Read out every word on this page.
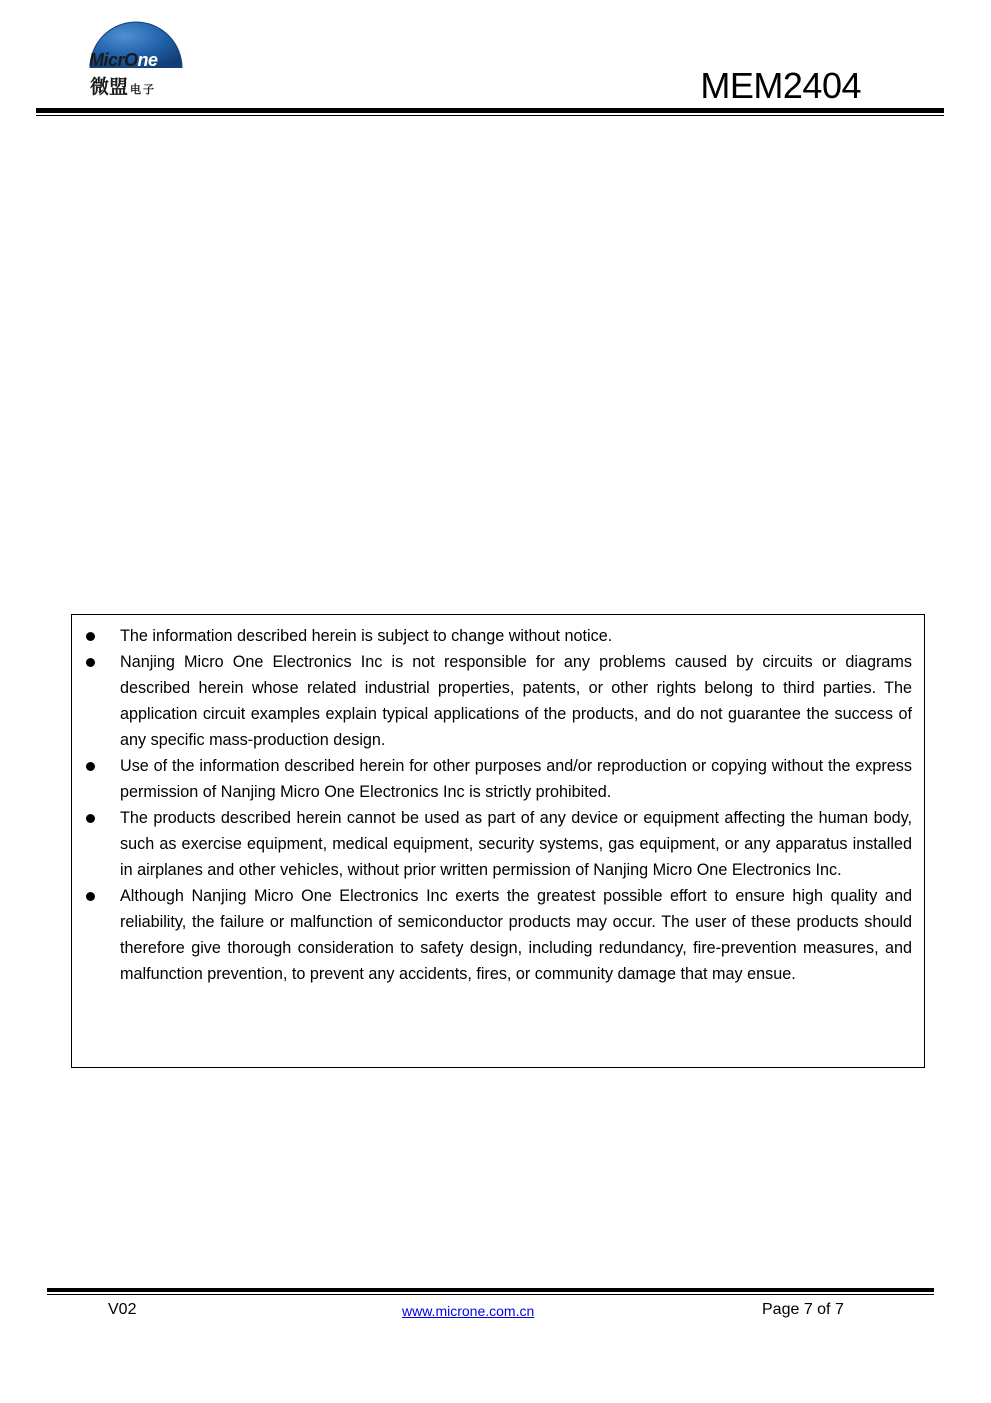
MicrOne
微盟 电子	MEM2404
The information described herein is subject to change without notice.
Nanjing Micro One Electronics Inc is not responsible for any problems caused by circuits or diagrams described herein whose related industrial properties, patents, or other rights belong to third parties. The application circuit examples explain typical applications of the products, and do not guarantee the success of any specific mass-production design.
Use of the information described herein for other purposes and/or reproduction or copying without the express permission of Nanjing Micro One Electronics Inc is strictly prohibited.
The products described herein cannot be used as part of any device or equipment affecting the human body, such as exercise equipment, medical equipment, security systems, gas equipment, or any apparatus installed in airplanes and other vehicles, without prior written permission of Nanjing Micro One Electronics Inc.
Although Nanjing Micro One Electronics Inc exerts the greatest possible effort to ensure high quality and reliability, the failure or malfunction of semiconductor products may occur. The user of these products should therefore give thorough consideration to safety design, including redundancy, fire-prevention measures, and malfunction prevention, to prevent any accidents, fires, or community damage that may ensue.
V02	www.microne.com.cn	Page 7 of 7
